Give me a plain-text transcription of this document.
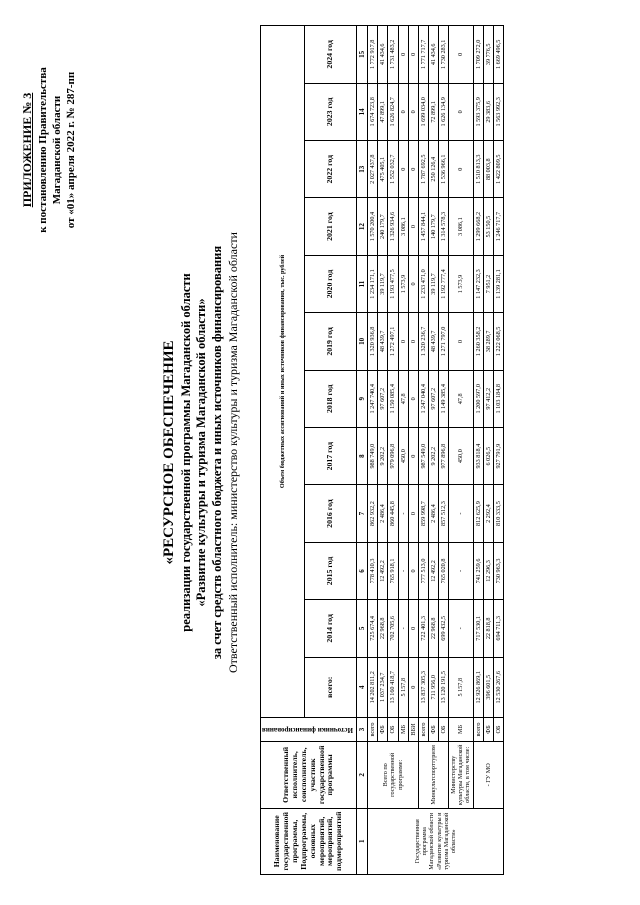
ПРИЛОЖЕНИЕ № 3 к постановлению Правительства Магаданской области от «01» апреля 2022 г. № 287-пп
«РЕСУРСНОЕ ОБЕСПЕЧЕНИЕ реализации государственной программы Магаданской области «Развитие культуры и туризма Магаданской области» за счет средств областного бюджета и иных источников финансирования Ответственный исполнитель: министерство культуры и туризма Магаданской области
Наименование государственной программы, Подпрограммы, основных мероприятий, мероприятий, подмероприятий	Ответственный исполнитель, соисполнитель, участник государственной программы	Источники финансирования	Объем бюджетных ассигнований и иных источников финансирования, тыс. рублей											
			всего:	2014 год	2015 год	2016 год	2017 год	2018 год	2019 год	2020 год	2021 год	2022 год	2023 год	2024 год
1	2	3	4	5	6	7	8	9	10	11	12	13	14	15
Государственная программа Магаданской области «Развитие культуры и туризма Магаданской области»	Всего по государственной программе:	всего	14 202 811,2	725 674,4	778 410,3	862 932,2	988 749,0	1 247 740,4	1 320 936,8	1 234 171,1	1 570 200,4	2 027 437,8	1 674 723,8	1 772 917,8
		ФБ	1 037 234,7	22 968,8	12 492,2	2 486,4	9 202,2	97 607,2	48 439,7	39 119,7	240 179,7	475 405,1	47 899,1	41 434,6
		ОБ	13 160 418,7	702 705,6	765 918,1	860 445,8	979 096,8	1 150 085,4	1 272 497,1	1 193 477,5	1 326 934,6	1 552 032,7	1 626 824,7	1 731 483,2
		МБ	5 157,8	-	-	-	450,0	47,8	0	1 573,9	3 086,1	0	0	0
		ВБИ	0	0	0	0	0	0	0	0	0	0	0	0
	Минкультспорттуризм	всего	13 837 305,3	722 401,3	777 513,0	859 998,7	987 549,0	1 247 040,4	1 320 236,7	1 233 471,0	1 457 844,1	1 787 692,5	1 699 034,0	1 771 717,7
		ФБ	711 956,0	22 968,8	12 492,2	2 486,4	9 202,2	97 607,2	48 439,7	39 119,7	140 179,7	250 126,4	72 899,1	41 434,6
		ОБ	13 120 191,5	699 432,5	765 020,8	857 512,3	977 896,8	1 149 385,4	1 271 797,0	1 192 777,4	1 314 578,3	1 536 966,1	1 626 134,9	1 730 283,1
	Министерству культуры Магаданской области, в том числе:	МБ	5 157,8	-	-	-	450,0	47,8	0	1 573,9	3 086,1	0	0	0
	- ГУ МО	всего	12 926 869,1	717 530,1	741 259,6	812 625,9	933 818,4	1 200 597,0	1 260 358,2	1 147 232,3	1 299 668,2	1 510 813,3	1 593 375,9	1 709 272,0
		ФБ	396 601,5	22 818,8	12 296,3	2 292,4	6 026,5	97 412,2	38 289,7	7 951,2	53 150,5	88 003,8	29 383,6	39 776,5
		ОБ	12 530 267,6	694 711,3	730 963,3	810 333,5	927 791,9	1 103 184,8	1 222 068,5	1 139 281,1	1 246 717,7	1 422 809,5	1 563 992,3	1 669 496,5
